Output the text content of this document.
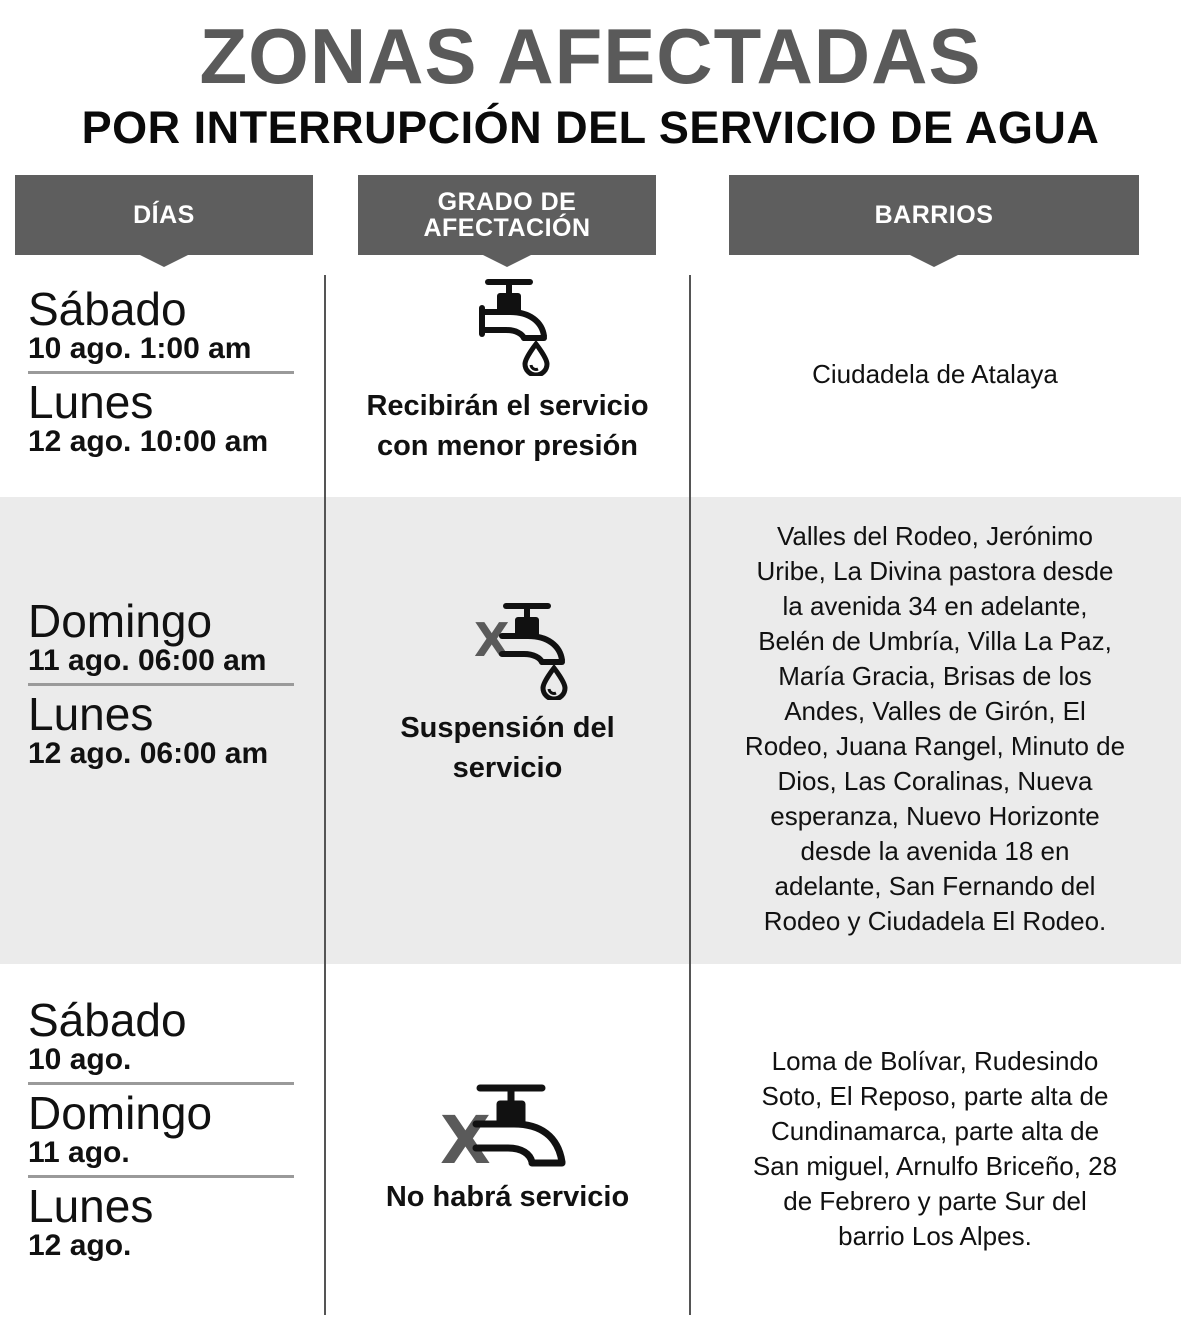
ZONAS AFECTADAS
POR INTERRUPCIÓN DEL SERVICIO DE AGUA
DÍAS	GRADO DE
AFECTACIÓN	BARRIOS
Sábado
10 ago. 1:00 am
Lunes
12 ago. 10:00 am
Recibirán el servicio
con menor presión
Ciudadela de Atalaya
Domingo
11 ago. 06:00 am
Lunes
12 ago. 06:00 am
X
Suspensión del
servicio
Valles del Rodeo, Jerónimo
Uribe, La Divina pastora desde
la avenida 34 en adelante,
Belén de Umbría, Villa La Paz,
María Gracia, Brisas de los
Andes, Valles de Girón, El
Rodeo, Juana Rangel, Minuto de
Dios, Las Coralinas, Nueva
esperanza, Nuevo Horizonte
desde la avenida 18 en
adelante, San Fernando del
Rodeo y Ciudadela El Rodeo.
Sábado
10 ago.
Domingo
11 ago.
Lunes
12 ago.
X
No habrá servicio
Loma de Bolívar, Rudesindo
Soto, El Reposo, parte alta de
Cundinamarca, parte alta de
San miguel, Arnulfo Briceño, 28
de Febrero y parte Sur del
barrio Los Alpes.
